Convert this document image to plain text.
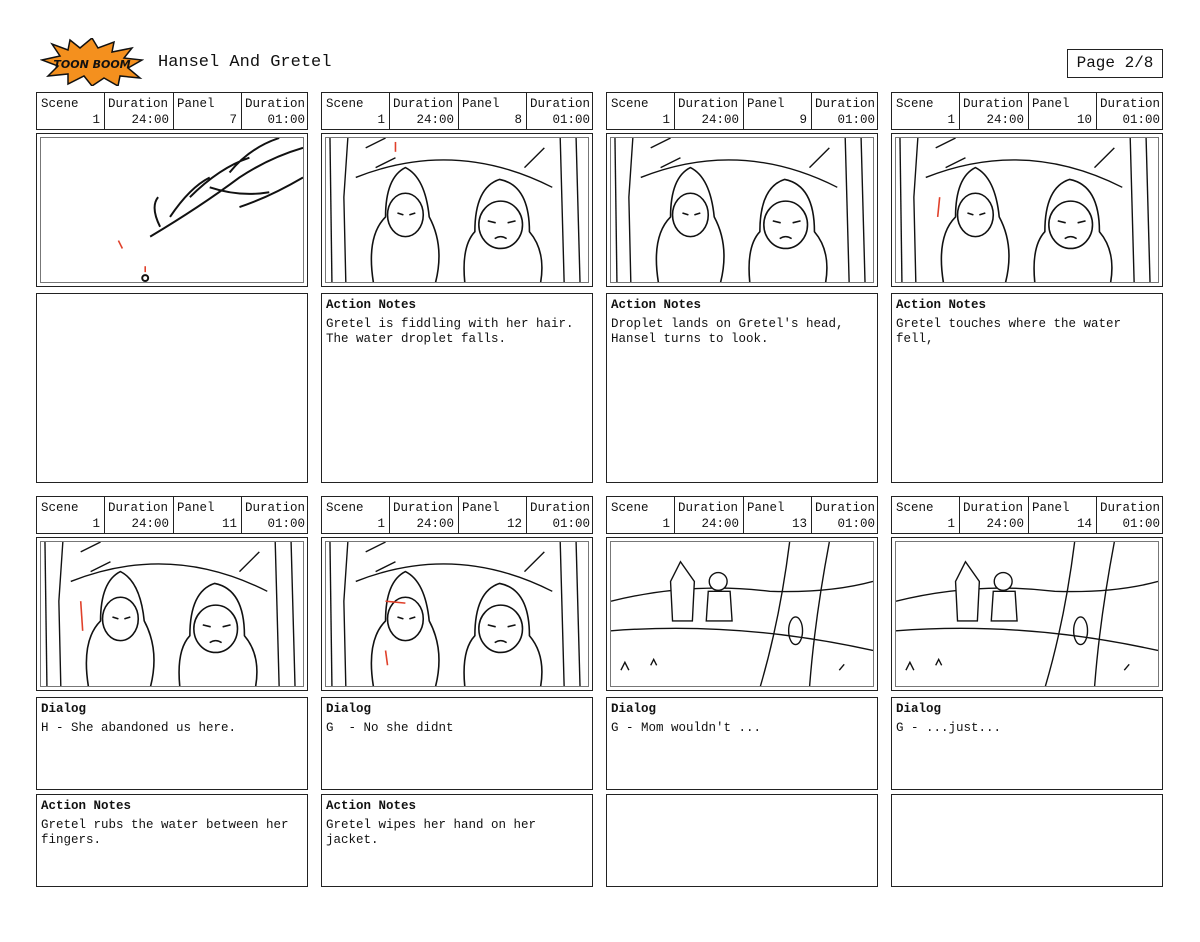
TOON BOOM Hansel And Gretel	Page 2/8
Scene
1
Duration
24:00
Panel
7
Duration
01:00
Scene
1
Duration
24:00
Panel
8
Duration
01:00
Action Notes
Gretel is fiddling with her hair.
The water droplet falls.
Scene
1
Duration
24:00
Panel
9
Duration
01:00
Action Notes
Droplet lands on Gretel's head,
Hansel turns to look.
Scene
1
Duration
24:00
Panel
10
Duration
01:00
Action Notes
Gretel touches where the water fell,
Scene
1
Duration
24:00
Panel
11
Duration
01:00
Dialog
H - She abandoned us here.
Action Notes
Gretel rubs the water between her
fingers.
Scene
1
Duration
24:00
Panel
12
Duration
01:00
Dialog
G  - No she didnt
Action Notes
Gretel wipes her hand on her jacket.
Scene
1
Duration
24:00
Panel
13
Duration
01:00
Dialog
G - Mom wouldn't ...
Scene
1
Duration
24:00
Panel
14
Duration
01:00
Dialog
G - ...just...
